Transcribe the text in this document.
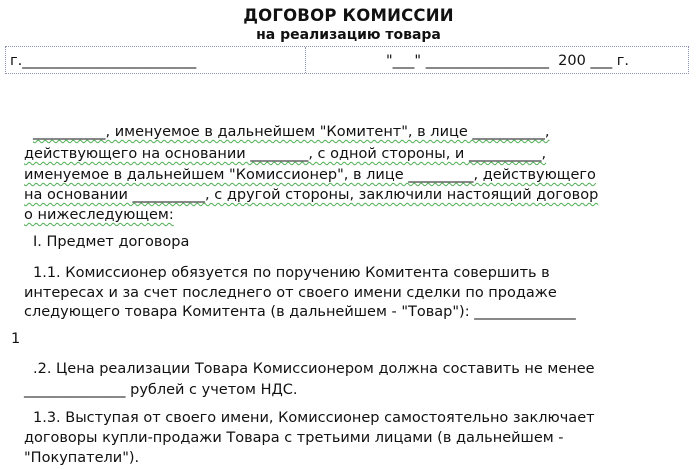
ДОГОВОР КОМИССИИ
на реализацию товара
г.________________________	"___" _________________  200 ___ г.
__________, именуемое в дальнейшем "Комитент", в лице __________,
действующего на основании ________, с одной стороны, и __________,
именуемое в дальнейшем "Комиссионер", в лице _________, действующего
на основании __________, с другой стороны, заключили настоящий договор
о нижеследующем:
I. Предмет договора
1.1. Комиссионер обязуется по поручению Комитента совершить в
интересах и за счет последнего от своего имени сделки по продаже
следующего товара Комитента (в дальнейшем - "Товар"): ______________
1
.2. Цена реализации Товара Комиссионером должна составить не менее
______________ рублей с учетом НДС.
1.3. Выступая от своего имени, Комиссионер самостоятельно заключает
договоры купли-продажи Товара с третьими лицами (в дальнейшем -
"Покупатели").
